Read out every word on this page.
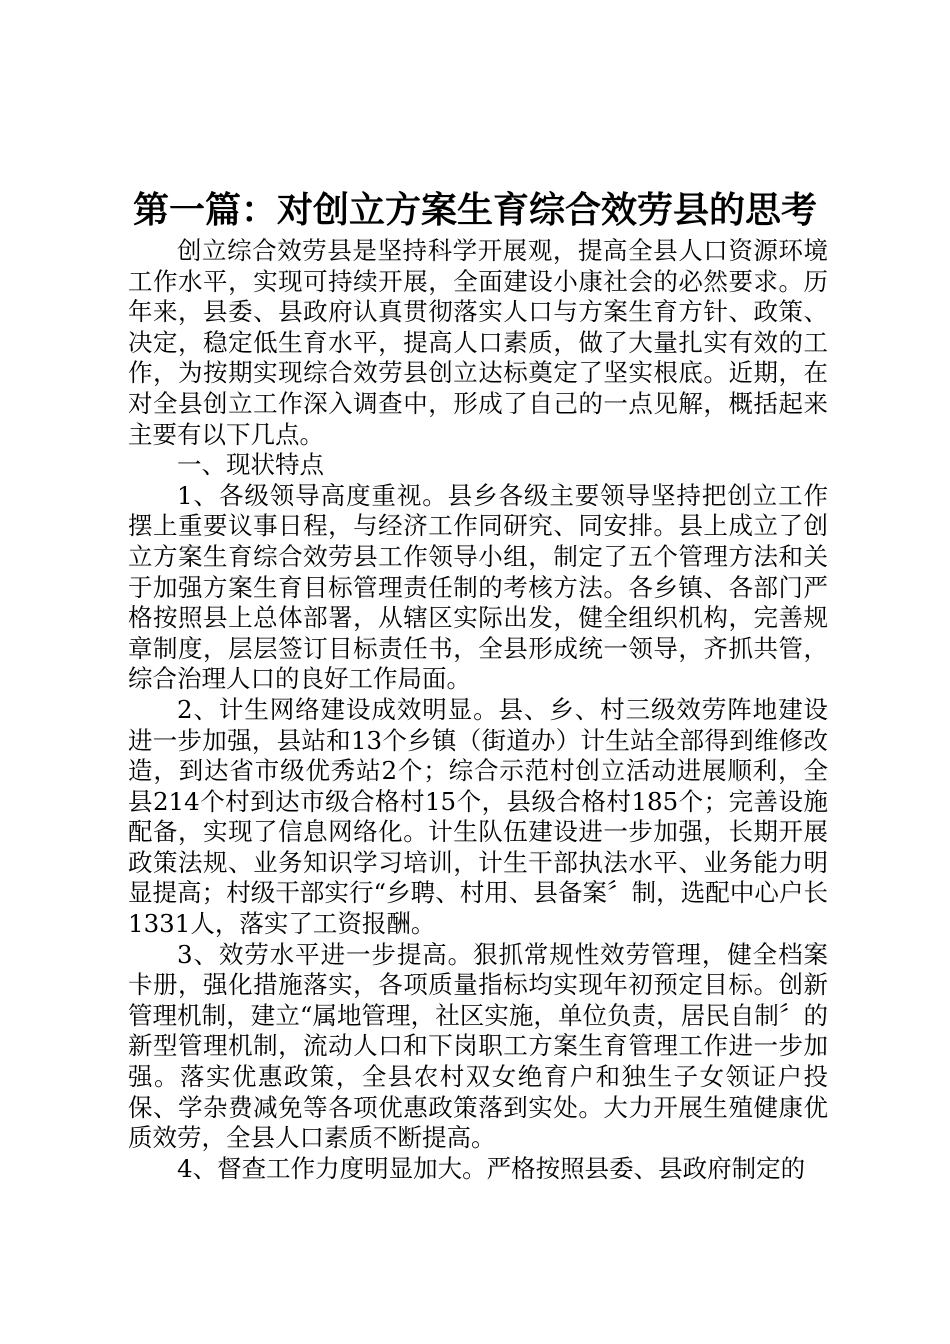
第一篇：对创立方案生育综合效劳县的思考

创立综合效劳县是坚持科学开展观，提高全县人口资源环境工作水平，实现可持续开展，全面建设小康社会的必然要求。历年来，县委、县政府认真贯彻落实人口与方案生育方针、政策、决定，稳定低生育水平，提高人口素质，做了大量扎实有效的工作，为按期实现综合效劳县创立达标奠定了坚实根底。近期，在对全县创立工作深入调查中，形成了自己的一点见解，概括起来主要有以下几点。

一、现状特点

1、各级领导高度重视。县乡各级主要领导坚持把创立工作摆上重要议事日程，与经济工作同研究、同安排。县上成立了创立方案生育综合效劳县工作领导小组，制定了五个管理方法和关于加强方案生育目标管理责任制的考核方法。各乡镇、各部门严格按照县上总体部署，从辖区实际出发，健全组织机构，完善规章制度，层层签订目标责任书，全县形成统一领导，齐抓共管，综合治理人口的良好工作局面。

2、计生网络建设成效明显。县、乡、村三级效劳阵地建设进一步加强，县站和13个乡镇（街道办）计生站全部得到维修改造，到达省市级优秀站2个；综合示范村创立活动进展顺利，全县214个村到达市级合格村15个，县级合格村185个；完善设施配备，实现了信息网络化。计生队伍建设进一步加强，长期开展政策法规、业务知识学习培训，计生干部执法水平、业务能力明显提高；村级干部实行“乡聘、村用、县备案〞制，选配中心户长1331人，落实了工资报酬。

3、效劳水平进一步提高。狠抓常规性效劳管理，健全档案卡册，强化措施落实，各项质量指标均实现年初预定目标。创新管理机制，建立“属地管理，社区实施，单位负责，居民自制〞的新型管理机制，流动人口和下岗职工方案生育管理工作进一步加强。落实优惠政策，全县农村双女绝育户和独生子女领证户投保、学杂费减免等各项优惠政策落到实处。大力开展生殖健康优质效劳，全县人口素质不断提高。

4、督查工作力度明显加大。严格按照县委、县政府制定的
